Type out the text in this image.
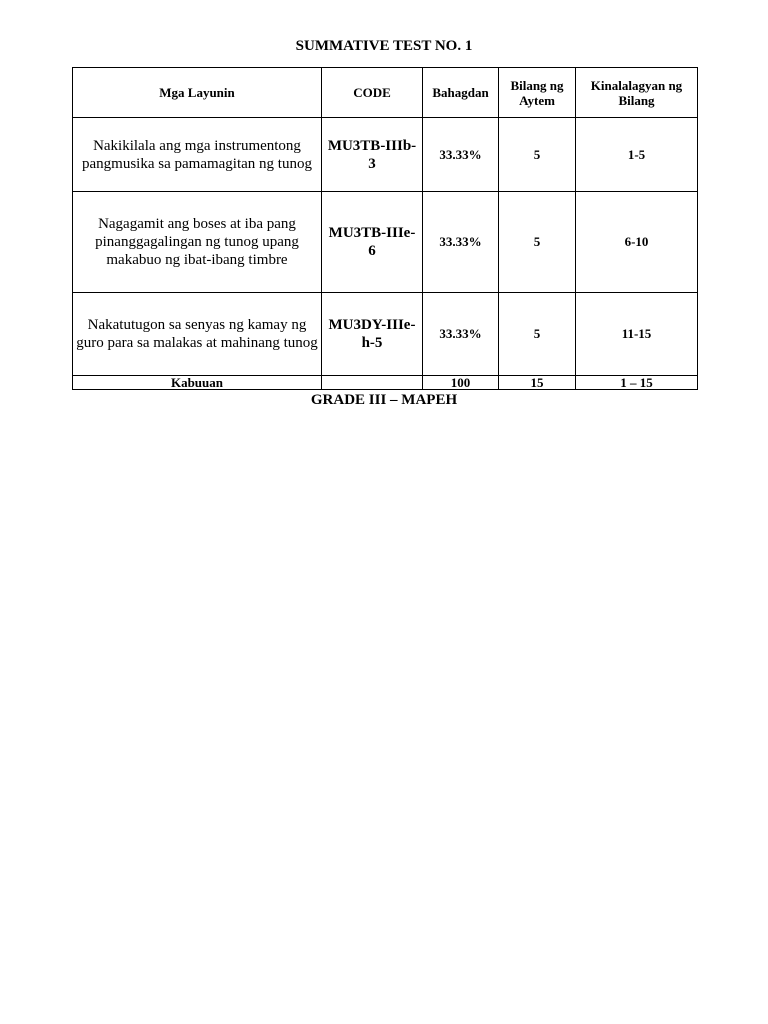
SUMMATIVE TEST NO. 1
Mga Layunin	CODE	Bahagdan	Bilang ng Aytem	Kinalalagyan ng Bilang
Nakikilala ang mga instrumentong pangmusika sa pamamagitan ng tunog	MU3TB-IIIb-3	33.33%	5	1-5
Nagagamit ang boses at iba pang pinanggagalingan ng tunog upang makabuo ng ibat-ibang timbre	MU3TB-IIIe-6	33.33%	5	6-10
Nakatutugon sa senyas ng kamay ng guro para sa malakas at mahinang tunog	MU3DY-IIIe-h-5	33.33%	5	11-15
Kabuuan		100	15	1 – 15
GRADE III – MAPEH
